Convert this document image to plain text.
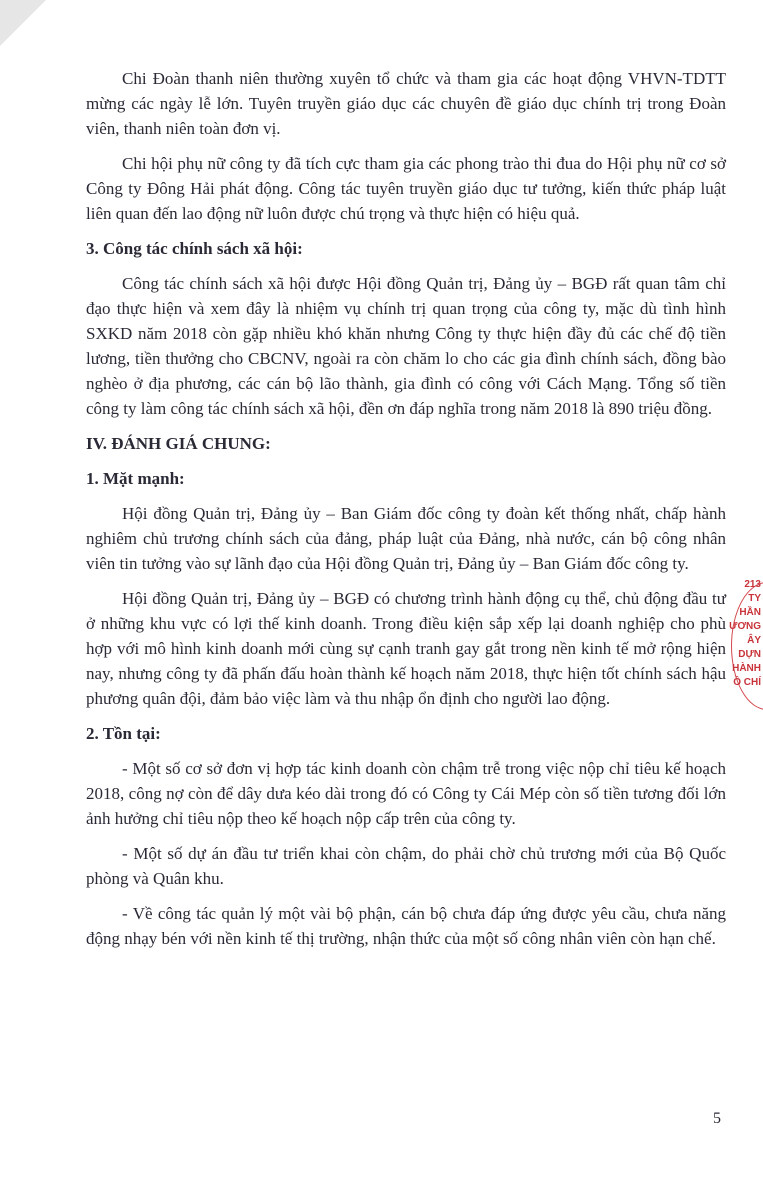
Chi Đoàn thanh niên thường xuyên tổ chức và tham gia các hoạt động VHVN-TDTT mừng các ngày lễ lớn. Tuyên truyền giáo dục các chuyên đề giáo dục chính trị trong Đoàn viên, thanh niên toàn đơn vị.

Chi hội phụ nữ công ty đã tích cực tham gia các phong trào thi đua do Hội phụ nữ cơ sở Công ty Đông Hải phát động. Công tác tuyên truyền giáo dục tư tưởng, kiến thức pháp luật liên quan đến lao động nữ luôn được chú trọng và thực hiện có hiệu quả.

3. Công tác chính sách xã hội:

Công tác chính sách xã hội được Hội đồng Quản trị, Đảng ủy – BGĐ rất quan tâm chỉ đạo thực hiện và xem đây là nhiệm vụ chính trị quan trọng của công ty, mặc dù tình hình SXKD năm 2018 còn gặp nhiều khó khăn nhưng Công ty thực hiện đầy đủ các chế độ tiền lương, tiền thưởng cho CBCNV, ngoài ra còn chăm lo cho các gia đình chính sách, đồng bào nghèo ở địa phương, các cán bộ lão thành, gia đình có công với Cách Mạng. Tổng số tiền công ty làm công tác chính sách xã hội, đền ơn đáp nghĩa trong năm 2018 là 890 triệu đồng.

IV. ĐÁNH GIÁ CHUNG:
1. Mặt mạnh:

Hội đồng Quản trị, Đảng ủy – Ban Giám đốc công ty đoàn kết thống nhất, chấp hành nghiêm chủ trương chính sách của đảng, pháp luật của Đảng, nhà nước, cán bộ công nhân viên tin tưởng vào sự lãnh đạo của Hội đồng Quản trị, Đảng ủy – Ban Giám đốc công ty.

Hội đồng Quản trị, Đảng ủy – BGĐ có chương trình hành động cụ thể, chủ động đầu tư ở những khu vực có lợi thế kinh doanh. Trong điều kiện sắp xếp lại doanh nghiệp cho phù hợp với mô hình kinh doanh mới cùng sự cạnh tranh gay gắt trong nền kinh tế mở rộng hiện nay, nhưng công ty đã phấn đấu hoàn thành kế hoạch năm 2018, thực hiện tốt chính sách hậu phương quân đội, đảm bảo việc làm và thu nhập ổn định cho người lao động.

2. Tồn tại:

- Một số cơ sở đơn vị hợp tác kinh doanh còn chậm trễ trong việc nộp chỉ tiêu kế hoạch 2018, công nợ còn để dây dưa kéo dài trong đó có Công ty Cái Mép còn số tiền tương đối lớn ảnh hưởng chỉ tiêu nộp theo kế hoạch nộp cấp trên của công ty.

- Một số dự án đầu tư triển khai còn chậm, do phải chờ chủ trương mới của Bộ Quốc phòng và Quân khu.

- Về công tác quản lý một vài bộ phận, cán bộ chưa đáp ứng được yêu cầu, chưa năng động nhạy bén với nền kinh tế thị trường, nhận thức của một số công nhân viên còn hạn chế.

213
TY
HẦN
ƯƠNG
ÂY DỰN
HÀNH
Ồ CHÍ
5
